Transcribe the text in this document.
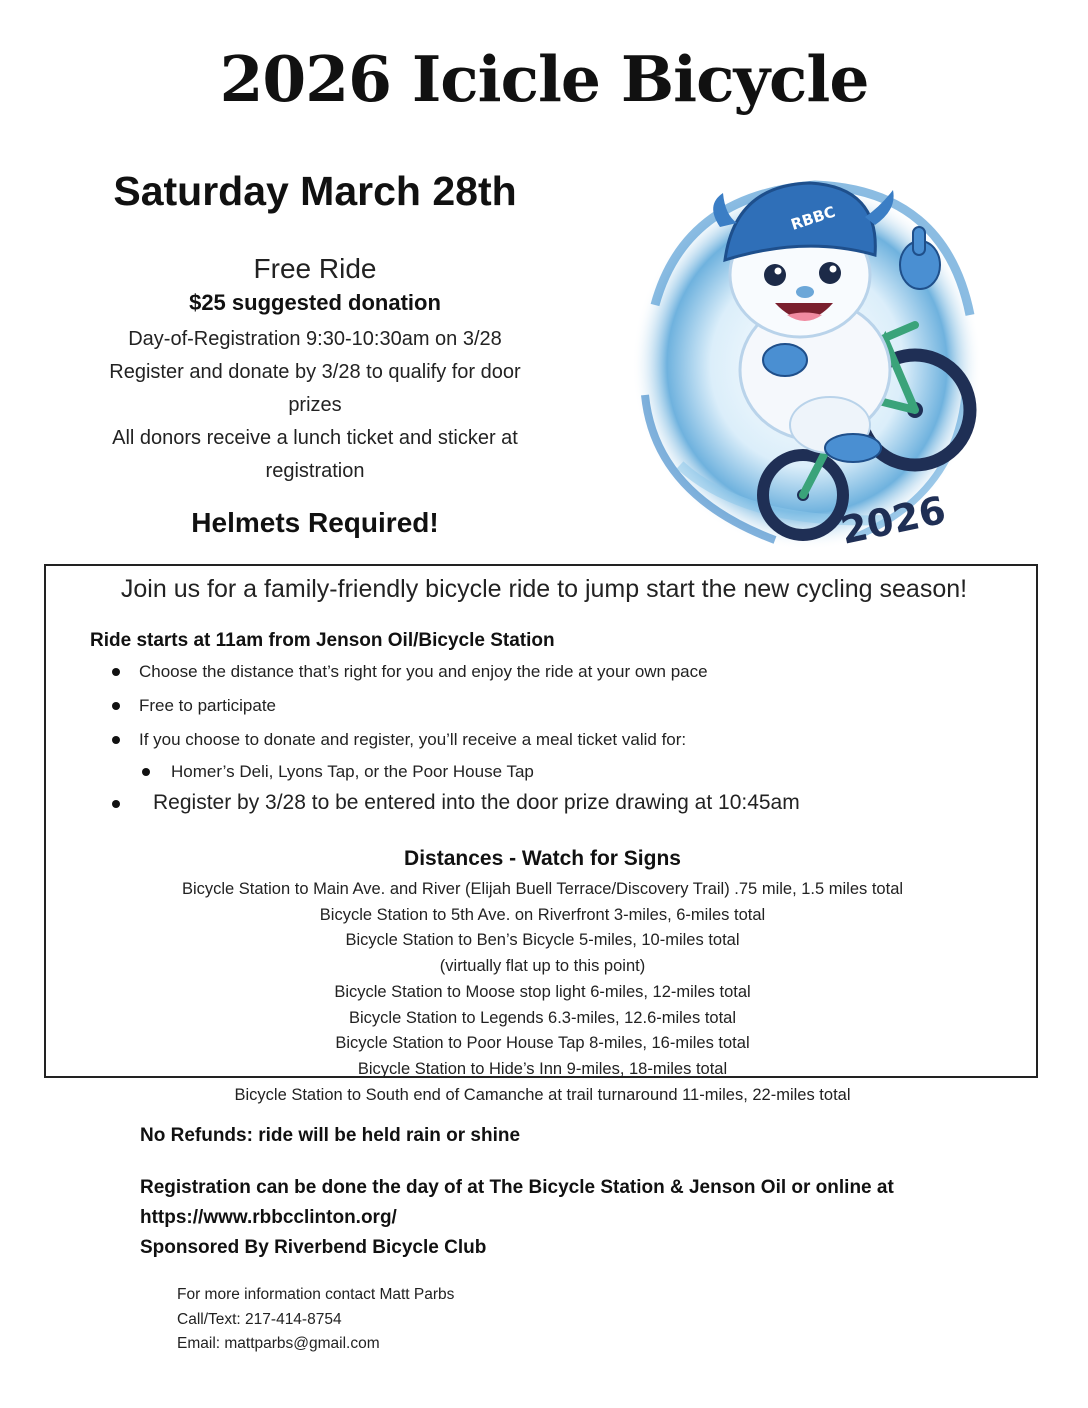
2026 Icicle Bicycle
Saturday March 28th
Free Ride
$25 suggested donation
Day-of-Registration 9:30-10:30am on 3/28
Register and donate by 3/28 to qualify for door
prizes
All donors receive a lunch ticket and sticker at
registration
Helmets Required!
RBBC
2026
Join us for a family-friendly bicycle ride to jump start the new cycling season!
Ride starts at 11am from Jenson Oil/Bicycle Station
Choose the distance that’s right for you and enjoy the ride at your own pace
Free to participate
If you choose to donate and register, you’ll receive a meal ticket valid for:
Homer’s Deli, Lyons Tap, or the Poor House Tap
Register by 3/28 to be entered into the door prize drawing at 10:45am
Distances - Watch for Signs
Bicycle Station to Main Ave. and River (Elijah Buell Terrace/Discovery Trail) .75 mile, 1.5 miles total
Bicycle Station to 5th Ave. on Riverfront 3-miles, 6-miles total
Bicycle Station to Ben’s Bicycle 5-miles, 10-miles total
(virtually flat up to this point)
Bicycle Station to Moose stop light 6-miles, 12-miles total
Bicycle Station to Legends 6.3-miles, 12.6-miles total
Bicycle Station to Poor House Tap 8-miles, 16-miles total
Bicycle Station to Hide’s Inn 9-miles, 18-miles total
Bicycle Station to South end of Camanche at trail turnaround 11-miles, 22-miles total
No Refunds: ride will be held rain or shine
Registration can be done the day of at The Bicycle Station & Jenson Oil or online at
https://www.rbbcclinton.org/
Sponsored By Riverbend Bicycle Club
For more information contact Matt Parbs
Call/Text: 217-414-8754
Email: mattparbs@gmail.com
